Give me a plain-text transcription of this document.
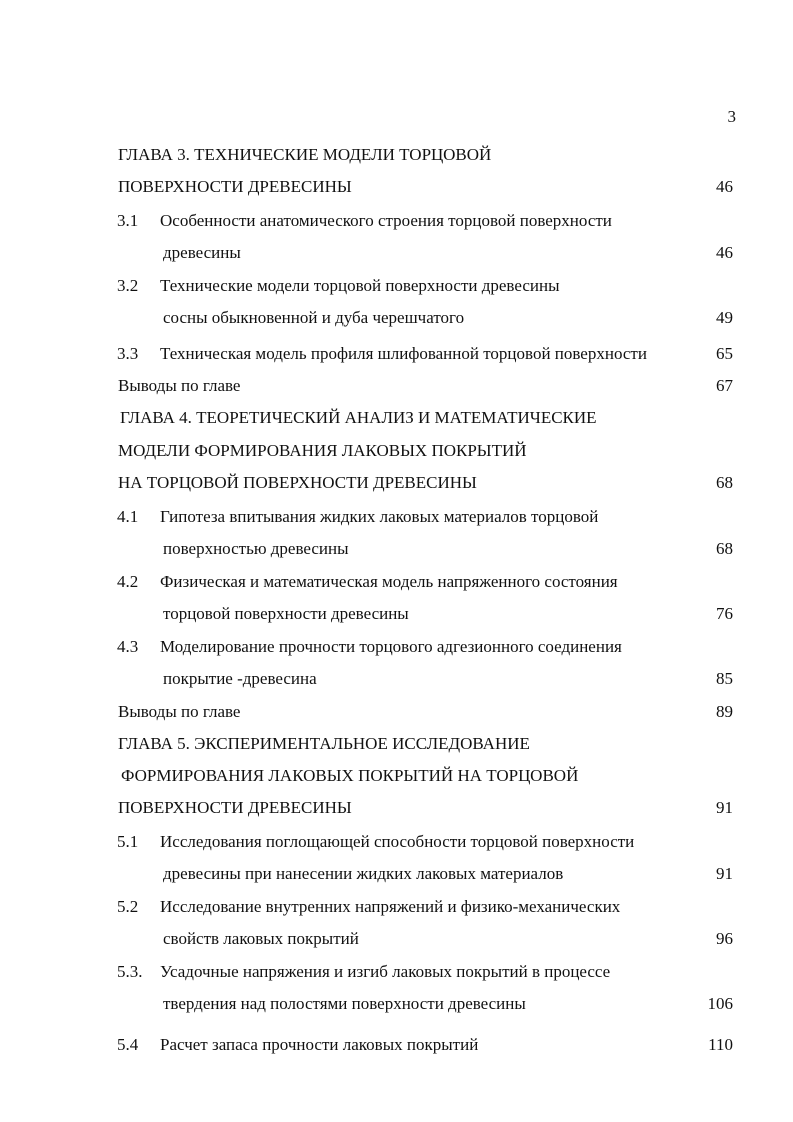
3
ГЛАВА 3. ТЕХНИЧЕСКИЕ МОДЕЛИ ТОРЦОВОЙ
ПОВЕРХНОСТИ ДРЕВЕСИНЫ	46
3.1	Особенности анатомического строения торцовой поверхности
древесины	46
3.2	Технические модели торцовой поверхности древесины
сосны обыкновенной и дуба черешчатого	49
3.3	Техническая модель профиля шлифованной торцовой поверхности	65
Выводы по главе	67
ГЛАВА 4. ТЕОРЕТИЧЕСКИЙ АНАЛИЗ И МАТЕМАТИЧЕСКИЕ
МОДЕЛИ ФОРМИРОВАНИЯ ЛАКОВЫХ ПОКРЫТИЙ
НА ТОРЦОВОЙ ПОВЕРХНОСТИ ДРЕВЕСИНЫ	68
4.1	Гипотеза впитывания жидких лаковых материалов торцовой
поверхностью древесины	68
4.2	Физическая и математическая модель напряженного состояния
торцовой поверхности древесины	76
4.3	Моделирование прочности торцового адгезионного соединения
покрытие -древесина	85
Выводы по главе	89
ГЛАВА 5. ЭКСПЕРИМЕНТАЛЬНОЕ ИССЛЕДОВАНИЕ
ФОРМИРОВАНИЯ ЛАКОВЫХ ПОКРЫТИЙ НА ТОРЦОВОЙ
ПОВЕРХНОСТИ ДРЕВЕСИНЫ	91
5.1	Исследования поглощающей способности торцовой поверхности
древесины при нанесении жидких лаковых материалов	91
5.2	Исследование внутренних напряжений и физико-механических
свойств лаковых покрытий	96
5.3.	Усадочные напряжения и изгиб лаковых покрытий в процессе
твердения над полостями поверхности древесины	106
5.4	Расчет запаса прочности лаковых покрытий	110
